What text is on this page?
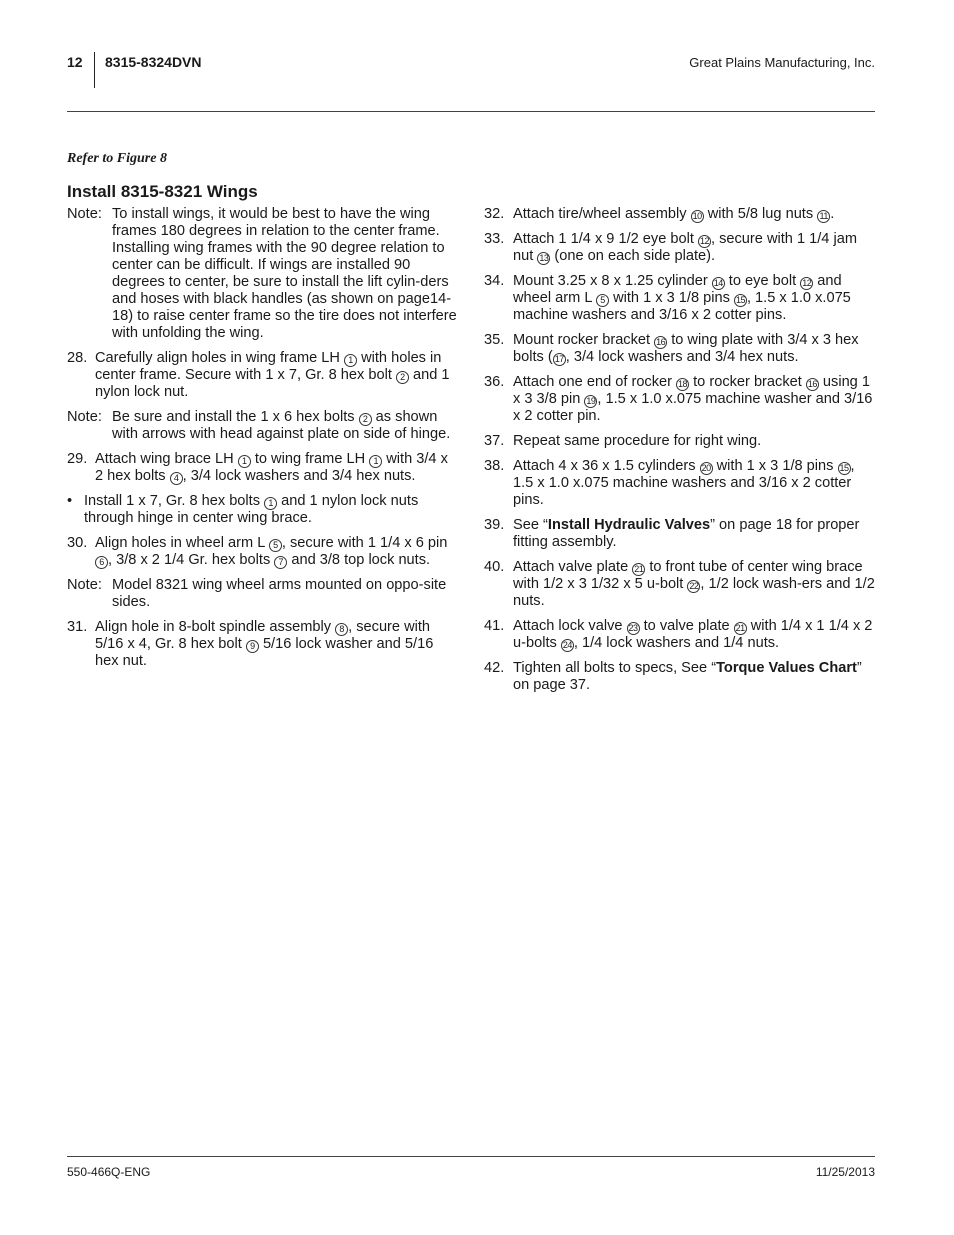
12 8315-8324DVN	Great Plains Manufacturing, Inc.
Refer to Figure 8
Install 8315-8321 Wings
Note: To install wings, it would be best to have the wing frames 180 degrees in relation to the center frame. Installing wing frames with the 90 degree relation to center can be difficult. If wings are installed 90 degrees to center, be sure to install the lift cylin-ders and hoses with black handles (as shown on page14-18) to raise center frame so the tire does not interfere with unfolding the wing.
28. Carefully align holes in wing frame LH 1 with holes in center frame. Secure with 1 x 7, Gr. 8 hex bolt 2 and 1 nylon lock nut.
Note: Be sure and install the 1 x 6 hex bolts 2 as shown with arrows with head against plate on side of hinge.
29. Attach wing brace LH 1 to wing frame LH 1 with 3/4 x 2 hex bolts 4 , 3/4 lock washers and 3/4 hex nuts.
• Install 1 x 7, Gr. 8 hex bolts 1 and 1 nylon lock nuts through hinge in center wing brace.
30. Align holes in wheel arm L 5 , secure with 1 1/4 x 6 pin 6 , 3/8 x 2 1/4 Gr. hex bolts 7 and 3/8 top lock nuts.
Note: Model 8321 wing wheel arms mounted on oppo-site sides.
31. Align hole in 8-bolt spindle assembly 8 , secure with 5/16 x 4, Gr. 8 hex bolt 9 5/16 lock washer and 5/16 hex nut.
32. Attach tire/wheel assembly 10 with 5/8 lug nuts 11 .
33. Attach 1 1/4 x 9 1/2 eye bolt 12 , secure with 1 1/4 jam nut 13 (one on each side plate).
34. Mount 3.25 x 8 x 1.25 cylinder 14 to eye bolt 12 and wheel arm L 5 with 1 x 3 1/8 pins 15 , 1.5 x 1.0 x.075 machine washers and 3/16 x 2 cotter pins.
35. Mount rocker bracket 16 to wing plate with 3/4 x 3 hex bolts ( 17 , 3/4 lock washers and 3/4 hex nuts.
36. Attach one end of rocker 18 to rocker bracket 16 using 1 x 3 3/8 pin 19 , 1.5 x 1.0 x.075 machine washer and 3/16 x 2 cotter pin.
37. Repeat same procedure for right wing.
38. Attach 4 x 36 x 1.5 cylinders 20 with 1 x 3 1/8 pins 15 , 1.5 x 1.0 x.075 machine washers and 3/16 x 2 cotter pins.
39. See “Install Hydraulic Valves” on page 18 for proper fitting assembly.
40. Attach valve plate 21 to front tube of center wing brace with 1/2 x 3 1/32 x 5 u-bolt 22 , 1/2 lock wash-ers and 1/2 nuts.
41. Attach lock valve 23 to valve plate 21 with 1/4 x 1 1/4 x 2 u-bolts 24 , 1/4 lock washers and 1/4 nuts.
42. Tighten all bolts to specs, See “Torque Values Chart” on page 37.
550-466Q-ENG	11/25/2013
